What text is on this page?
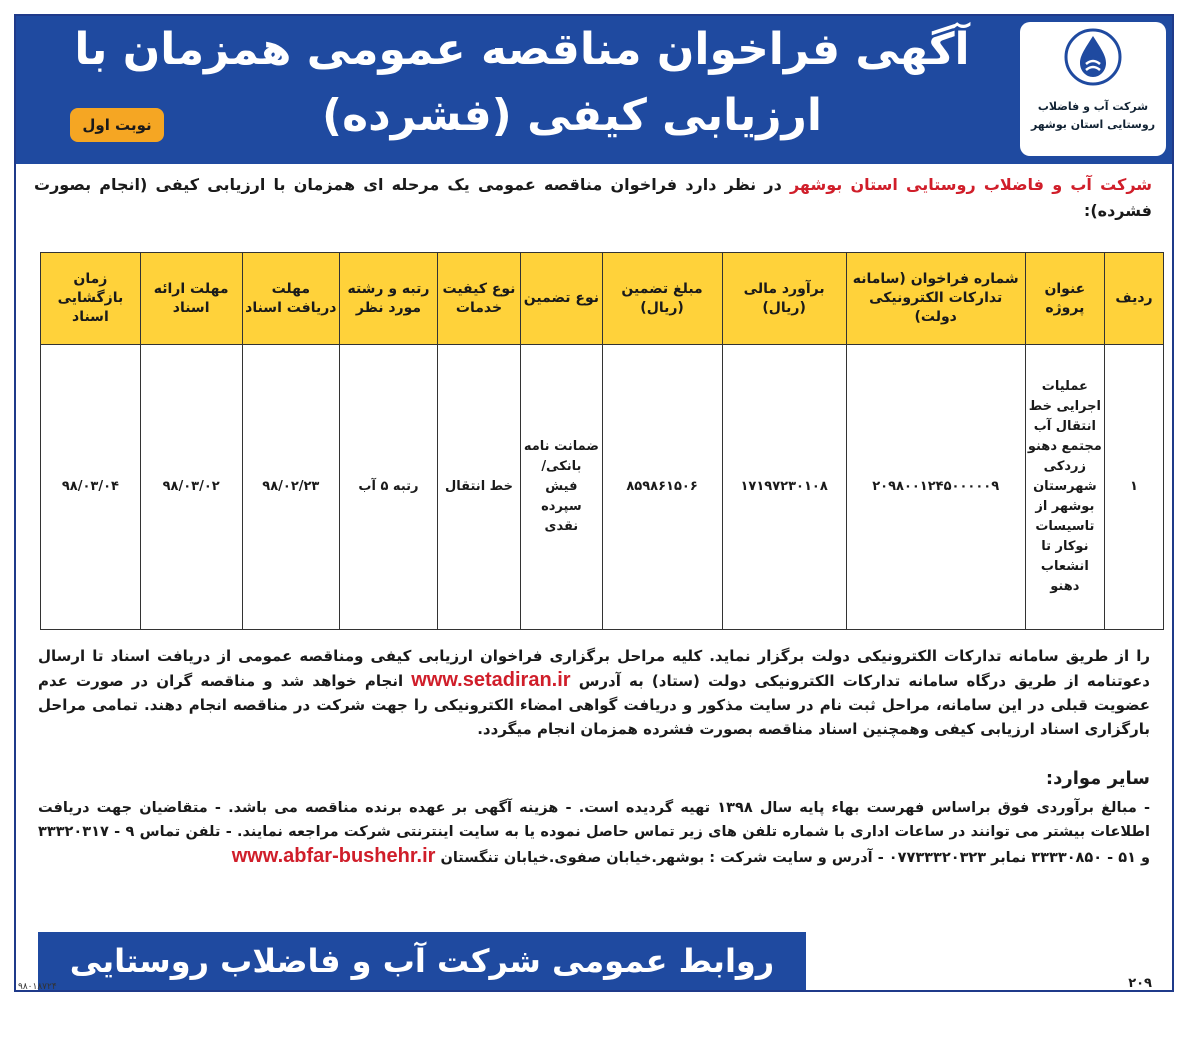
شرکت آب و فاضلاب
روستایی استان بوشهر
آگهی فراخوان مناقصه عمومی همزمان با
ارزیابی کیفی (فشرده)
نوبت اول
شرکت آب و فاضلاب روستایی استان بوشهر در نظر دارد فراخوان مناقصه عمومی یک مرحله ای همزمان با ارزیابی کیفی (انجام بصورت فشرده):
ردیف	عنوان پروژه	شماره فراخوان (سامانه تدارکات الکترونیکی دولت)	برآورد مالی (ریال)	مبلغ تضمین (ریال)	نوع تضمین	نوع کیفیت خدمات	رتبه و رشته مورد نظر	مهلت دریافت اسناد	مهلت ارائه اسناد	زمان بازگشایی اسناد
۱	عملیات اجرایی خط انتقال آب مجتمع دهنو زردکی شهرستان بوشهر از تاسیسات نوکار تا انشعاب دهنو	۲۰۹۸۰۰۱۲۴۵۰۰۰۰۰۹	۱۷۱۹۷۲۳۰۱۰۸	۸۵۹۸۶۱۵۰۶	ضمانت نامه بانکی/ فیش سپرده نقدی	خط انتقال	رتبه ۵ آب	۹۸/۰۲/۲۳	۹۸/۰۳/۰۲	۹۸/۰۳/۰۴
را از طریق سامانه تدارکات الکترونیکی دولت برگزار نماید. کلیه مراحل برگزاری فراخوان ارزیابی کیفی ومناقصه عمومی از دریافت اسناد تا ارسال دعوتنامه از طریق درگاه سامانه تدارکات الکترونیکی دولت (ستاد) به آدرس www.setadiran.ir انجام خواهد شد و مناقصه گران در صورت عدم عضویت قبلی در این سامانه، مراحل ثبت نام در سایت مذکور و دریافت گواهی امضاء الکترونیکی را جهت شرکت در مناقصه انجام دهند. تمامی مراحل بارگزاری اسناد ارزیابی کیفی وهمچنین اسناد مناقصه بصورت فشرده همزمان انجام میگردد.
سایر موارد:
- مبالغ برآوردی فوق براساس فهرست بهاء پایه سال ۱۳۹۸ تهیه گردیده است. - هزینه آگهی بر عهده برنده مناقصه می باشد. - متقاضیان جهت دریافت اطلاعات بیشتر می توانند در ساعات اداری با شماره تلفن های زیر تماس حاصل نموده یا به سایت اینترنتی شرکت مراجعه نمایند. - تلفن تماس ۹ - ۳۳۳۲۰۳۱۷ و ۵۱ - ۳۳۳۳۰۸۵۰ نمابر ۰۷۷۳۳۳۲۰۳۲۳ - آدرس و سایت شرکت : بوشهر.خیابان صفوی.خیابان تنگستان www.abfar-bushehr.ir
روابط عمومی شرکت آب و فاضلاب روستایی استان بوشهر
۲۰۹
۹۸۰۱۸۷۲۴
